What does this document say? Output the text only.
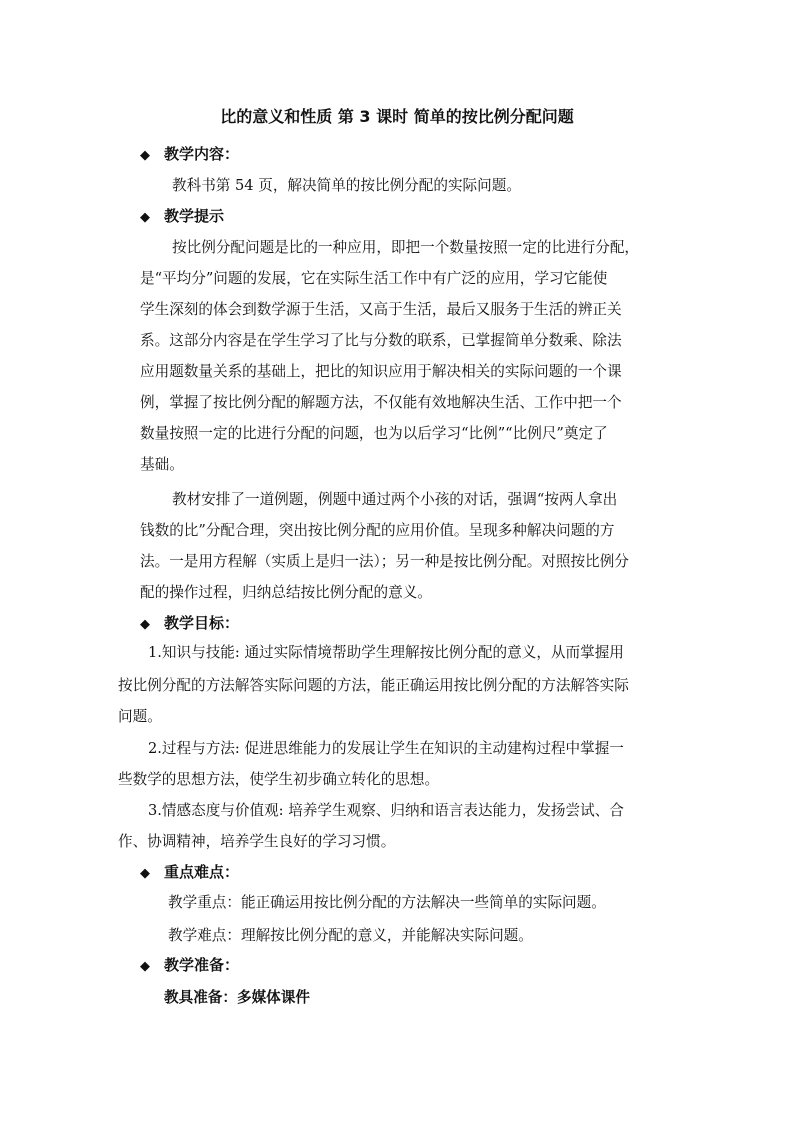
比的意义和性质 第 3 课时 简单的按比例分配问题
◆ 教学内容：
教科书第 54 页，解决简单的按比例分配的实际问题。
◆ 教学提示
按比例分配问题是比的一种应用，即把一个数量按照一定的比进行分配，
是“平均分”问题的发展，它在实际生活工作中有广泛的应用，学习它能使
学生深刻的体会到数学源于生活，又高于生活，最后又服务于生活的辨正关
系。这部分内容是在学生学习了比与分数的联系，已掌握简单分数乘、除法
应用题数量关系的基础上，把比的知识应用于解决相关的实际问题的一个课
例，掌握了按比例分配的解题方法，不仅能有效地解决生活、工作中把一个
数量按照一定的比进行分配的问题，也为以后学习“比例”“比例尺”奠定了
基础。
教材安排了一道例题，例题中通过两个小孩的对话，强调“按两人拿出
钱数的比”分配合理，突出按比例分配的应用价值。呈现多种解决问题的方
法。一是用方程解（实质上是归一法）；另一种是按比例分配。对照按比例分
配的操作过程，归纳总结按比例分配的意义。
◆ 教学目标：
1.知识与技能: 通过实际情境帮助学生理解按比例分配的意义，从而掌握用
按比例分配的方法解答实际问题的方法，能正确运用按比例分配的方法解答实际
问题。
2.过程与方法: 促进思维能力的发展让学生在知识的主动建构过程中掌握一
些数学的思想方法，使学生初步确立转化的思想。
3.情感态度与价值观: 培养学生观察、归纳和语言表达能力，发扬尝试、合
作、协调精神，培养学生良好的学习习惯。
◆ 重点难点：
教学重点：能正确运用按比例分配的方法解决一些简单的实际问题。
教学难点：理解按比例分配的意义，并能解决实际问题。
◆ 教学准备：
教具准备：多媒体课件
